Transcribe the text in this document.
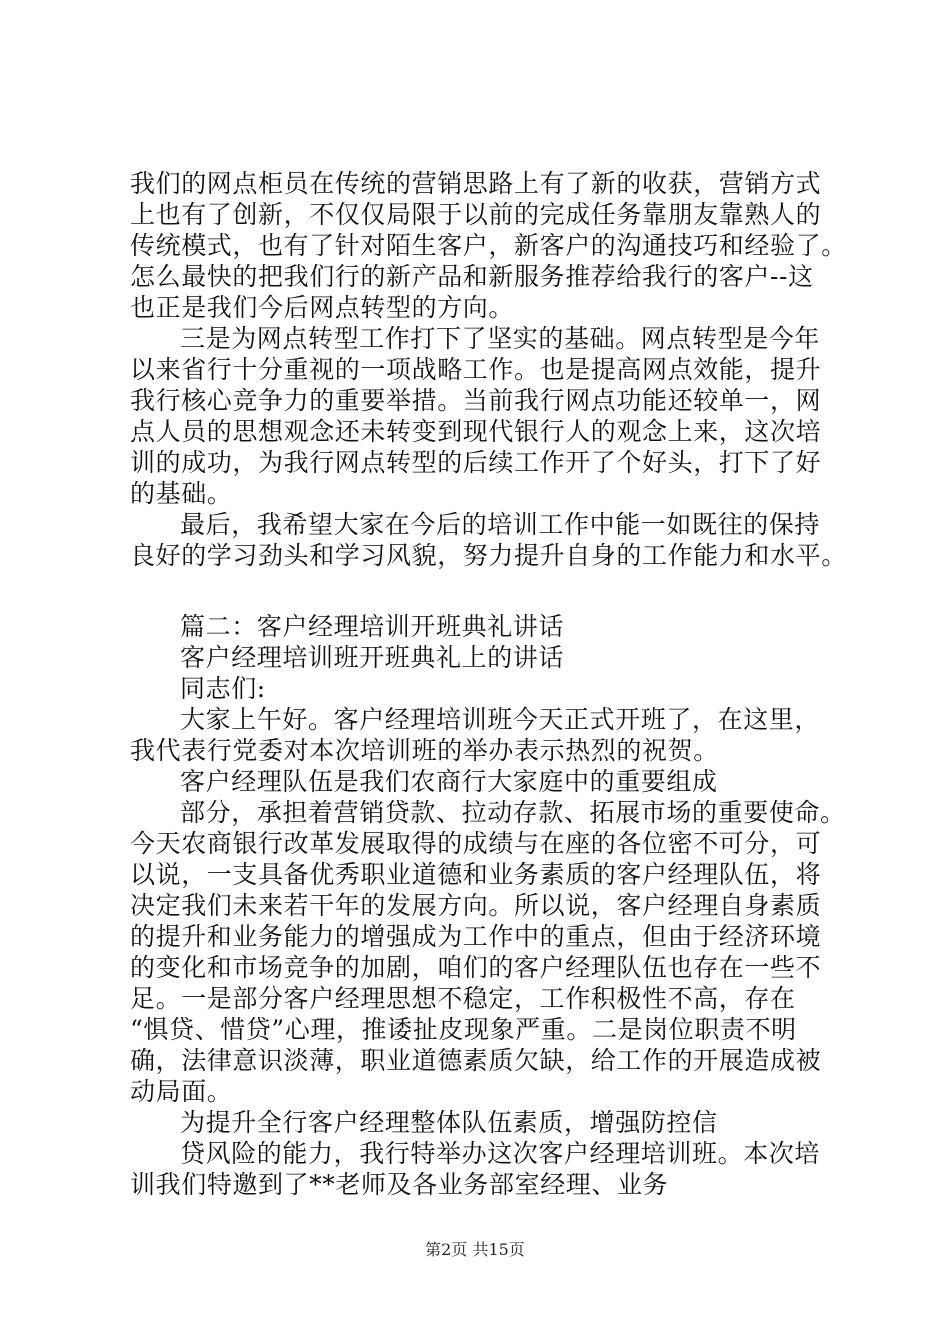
我们的网点柜员在传统的营销思路上有了新的收获，营销方式
上也有了创新，不仅仅局限于以前的完成任务靠朋友靠熟人的
传统模式，也有了针对陌生客户，新客户的沟通技巧和经验了。
怎么最快的把我们行的新产品和新服务推荐给我行的客户--这
也正是我们今后网点转型的方向。
三是为网点转型工作打下了坚实的基础。网点转型是今年
以来省行十分重视的一项战略工作。也是提高网点效能，提升
我行核心竞争力的重要举措。当前我行网点功能还较单一，网
点人员的思想观念还未转变到现代银行人的观念上来，这次培
训的成功，为我行网点转型的后续工作开了个好头，打下了好
的基础。
最后，我希望大家在今后的培训工作中能一如既往的保持
良好的学习劲头和学习风貌，努力提升自身的工作能力和水平。
篇二：客户经理培训开班典礼讲话
客户经理培训班开班典礼上的讲话
同志们:
大家上午好。客户经理培训班今天正式开班了，在这里，
我代表行党委对本次培训班的举办表示热烈的祝贺。
客户经理队伍是我们农商行大家庭中的重要组成
部分，承担着营销贷款、拉动存款、拓展市场的重要使命。
今天农商银行改革发展取得的成绩与在座的各位密不可分，可
以说，一支具备优秀职业道德和业务素质的客户经理队伍，将
决定我们未来若干年的发展方向。所以说，客户经理自身素质
的提升和业务能力的增强成为工作中的重点，但由于经济环境
的变化和市场竞争的加剧，咱们的客户经理队伍也存在一些不
足。一是部分客户经理思想不稳定，工作积极性不高，存在
“惧贷、惜贷”心理，推诿扯皮现象严重。二是岗位职责不明
确，法律意识淡薄，职业道德素质欠缺，给工作的开展造成被
动局面。
为提升全行客户经理整体队伍素质，增强防控信
贷风险的能力，我行特举办这次客户经理培训班。本次培
训我们特邀到了**老师及各业务部室经理、业务
第2页 共15页
